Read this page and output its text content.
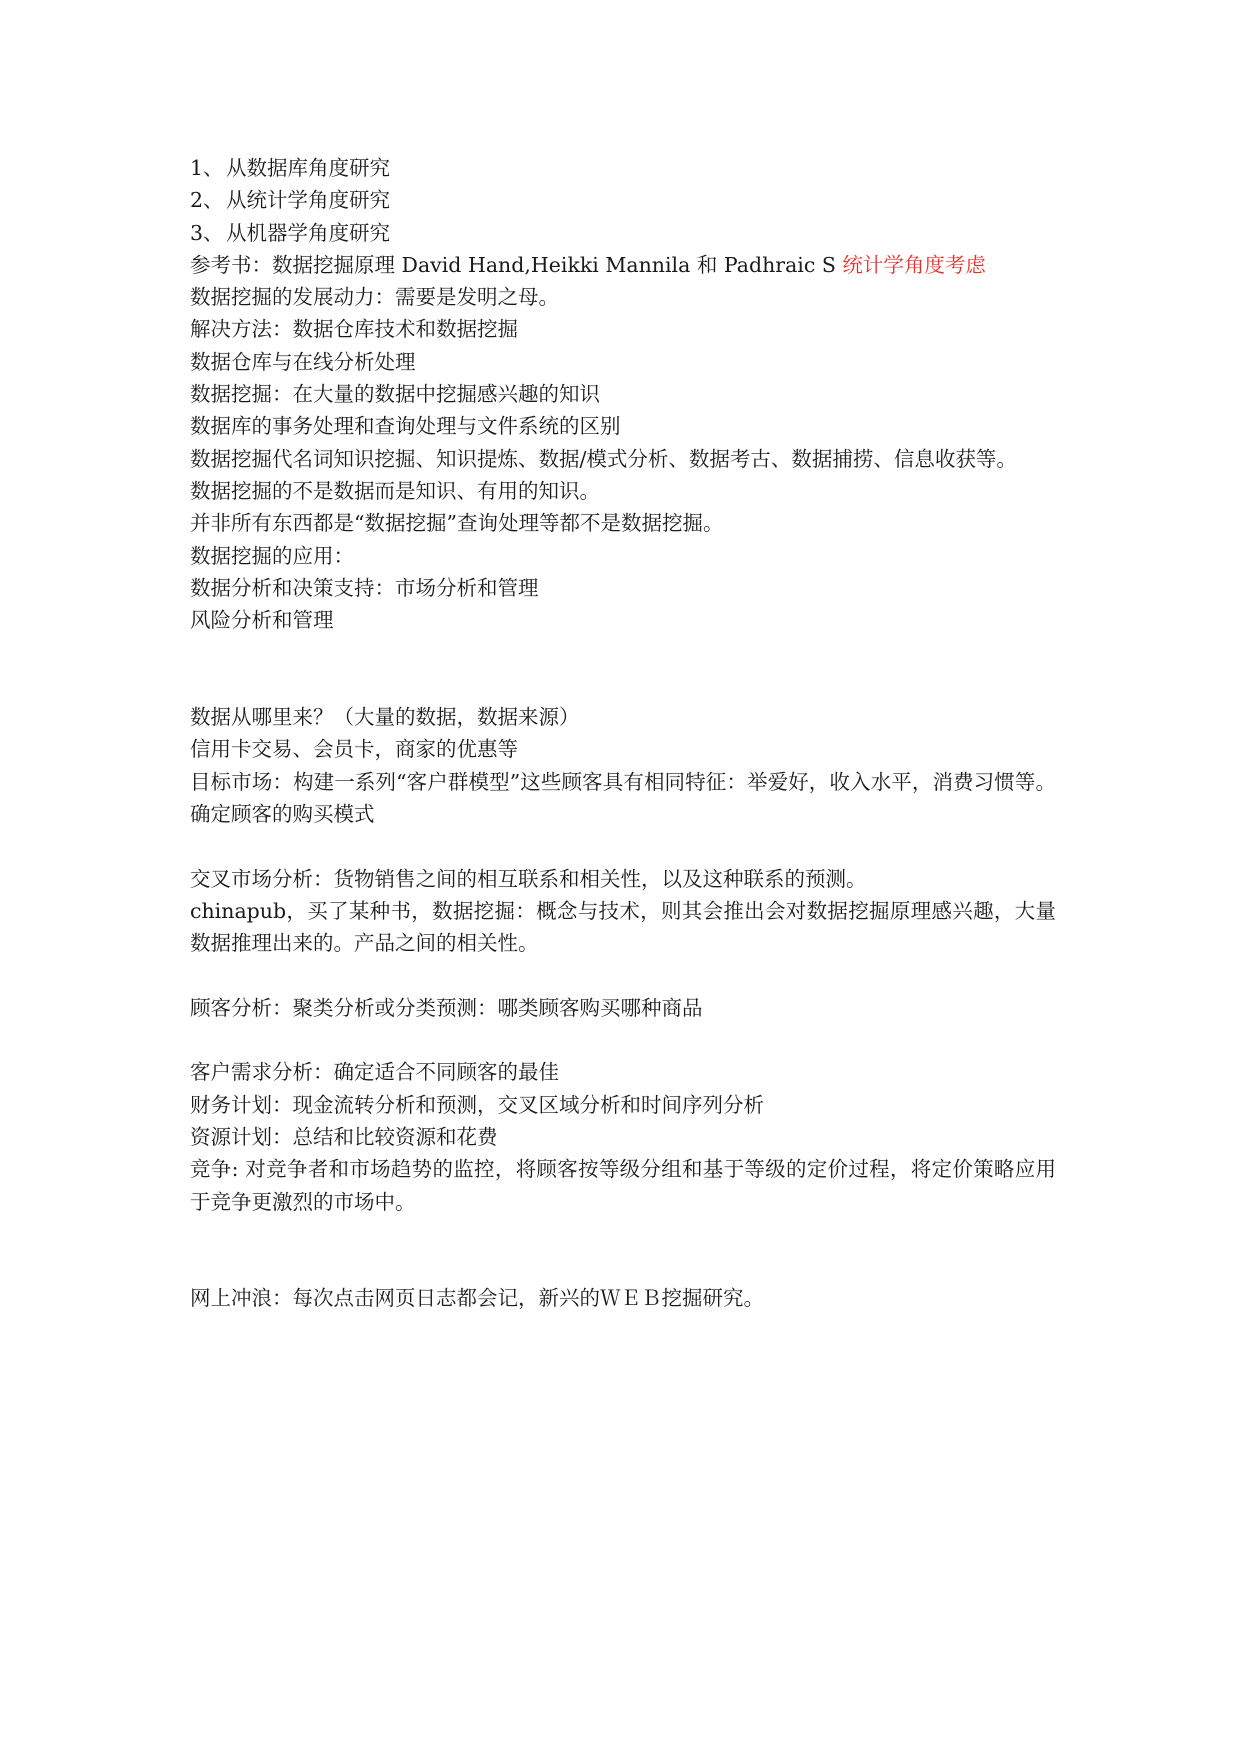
1、 从数据库角度研究
2、 从统计学角度研究
3、 从机器学角度研究
参考书：数据挖掘原理 David Hand,Heikki Mannila 和 Padhraic S 统计学角度考虑
数据挖掘的发展动力：需要是发明之母。
解决方法：数据仓库技术和数据挖掘
数据仓库与在线分析处理
数据挖掘：在大量的数据中挖掘感兴趣的知识
数据库的事务处理和查询处理与文件系统的区别
数据挖掘代名词知识挖掘、知识提炼、数据/模式分析、数据考古、数据捕捞、信息收获等。
数据挖掘的不是数据而是知识、有用的知识。
并非所有东西都是“数据挖掘”查询处理等都不是数据挖掘。
数据挖掘的应用：
数据分析和决策支持：市场分析和管理
风险分析和管理
数据从哪里来？（大量的数据，数据来源）
信用卡交易、会员卡，商家的优惠等
目标市场：构建一系列“客户群模型”这些顾客具有相同特征：举爱好，收入水平，消费习惯等。确定顾客的购买模式
交叉市场分析：货物销售之间的相互联系和相关性，以及这种联系的预测。
chinapub，买了某种书，数据挖掘：概念与技术，则其会推出会对数据挖掘原理感兴趣，大量数据推理出来的。产品之间的相关性。
顾客分析：聚类分析或分类预测：哪类顾客购买哪种商品
客户需求分析：确定适合不同顾客的最佳
财务计划：现金流转分析和预测，交叉区域分析和时间序列分析
资源计划：总结和比较资源和花费
竞争: 对竞争者和市场趋势的监控，将顾客按等级分组和基于等级的定价过程，将定价策略应用于竞争更激烈的市场中。
网上冲浪：每次点击网页日志都会记，新兴的ＷＥＢ挖掘研究。
